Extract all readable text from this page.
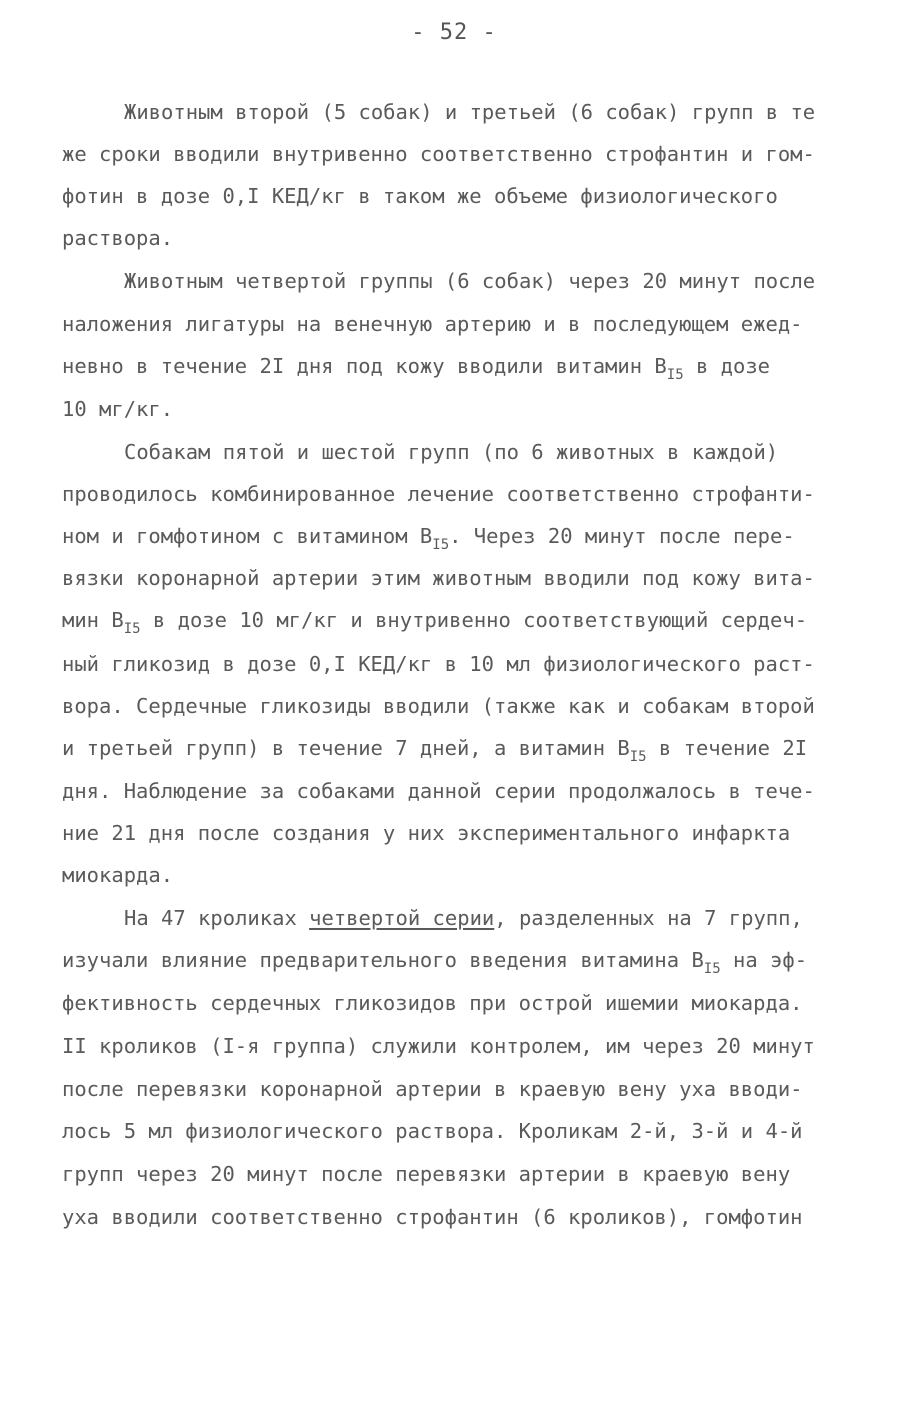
- 52 -
Животным второй (5 собак) и третьей (6 собак) групп в те
же сроки вводили внутривенно соответственно строфантин и гом-
фотин в дозе 0,I КЕД/кг в таком же объеме физиологического
раствора.
Животным четвертой группы (6 собак) через 20 минут после
наложения лигатуры на венечную артерию и в последующем ежед-
невно в течение 2I дня под кожу вводили витамин $B_{I5}$ в дозе
10 мг/кг.
Собакам пятой и шестой групп (по 6 животных в каждой)
проводилось комбинированное лечение соответственно строфанти-
ном и гомфотином с витамином $B_{I5}$. Через 20 минут после пере-
вязки коронарной артерии этим животным вводили под кожу вита-
мин $B_{I5}$ в дозе 10 мг/кг и внутривенно соответствующий сердеч-
ный гликозид в дозе 0,I КЕД/кг в 10 мл физиологического раст-
вора. Сердечные гликозиды вводили (также как и собакам второй
и третьей групп) в течение 7 дней, а витамин $B_{I5}$ в течение 2I
дня. Наблюдение за собаками данной серии продолжалось в тече-
ние 21 дня после создания у них экспериментального инфаркта
миокарда.
На 47 кроликах четвертой серии, разделенных на 7 групп,
изучали влияние предварительного введения витамина $B_{I5}$ на эф-
фективность сердечных гликозидов при острой ишемии миокарда.
II кроликов (I-я группа) служили контролем, им через 20 минут
после перевязки коронарной артерии в краевую вену уха вводи-
лось 5 мл физиологического раствора. Кроликам 2-й, 3-й и 4-й
групп через 20 минут после перевязки артерии в краевую вену
уха вводили соответственно строфантин (6 кроликов), гомфотин
